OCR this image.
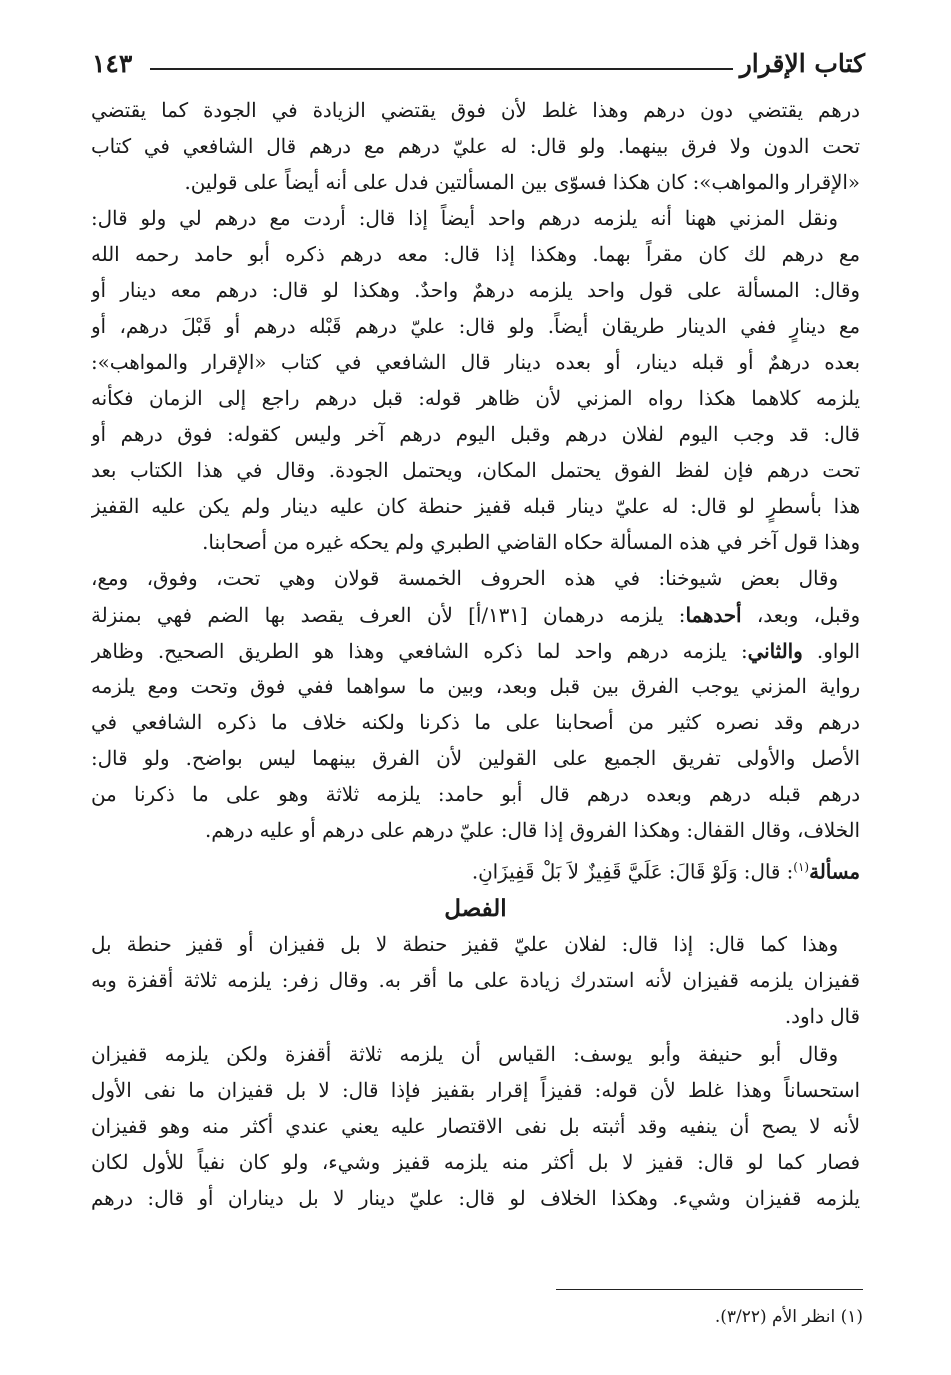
كتاب الإقرار
١٤٣
درهم يقتضي دون درهم وهذا غلط لأن فوق يقتضي الزيادة في الجودة كما يقتضي
تحت الدون ولا فرق بينهما. ولو قال: له عليّ درهم مع درهم قال الشافعي في كتاب
«الإقرار والمواهب»: كان هكذا فسوّى بين المسألتين فدل على أنه أيضاً على قولين.
ونقل المزني ههنا أنه يلزمه درهم واحد أيضاً إذا قال: أردت مع درهم لي ولو قال:
مع درهم لك كان مقراً بهما. وهكذا إذا قال: معه درهم ذكره أبو حامد رحمه الله
وقال: المسألة على قول واحد يلزمه درهمٌ واحدٌ. وهكذا لو قال: درهم معه دينار أو
مع دينارٍ ففي الدينار طريقان أيضاً. ولو قال: عليّ درهم قَبْله درهم أو قَبْلَ درهم، أو
بعده درهمٌ أو قبله دينار، أو بعده دينار قال الشافعي في كتاب «الإقرار والمواهب»:
يلزمه كلاهما هكذا رواه المزني لأن ظاهر قوله: قبل درهم راجع إلى الزمان فكأنه
قال: قد وجب اليوم لفلان درهم وقبل اليوم درهم آخر وليس كقوله: فوق درهم أو
تحت درهم فإن لفظ الفوق يحتمل المكان، ويحتمل الجودة. وقال في هذا الكتاب بعد
هذا بأسطرٍ لو قال: له عليّ دينار قبله قفيز حنطة كان عليه دينار ولم يكن عليه القفيز
وهذا قول آخر في هذه المسألة حكاه القاضي الطبري ولم يحكه غيره من أصحابنا.
وقال بعض شيوخنا: في هذه الحروف الخمسة قولان وهي تحت، وفوق، ومع،
وقبل، وبعد، أحدهما: يلزمه درهمان [١٣١/أ] لأن العرف يقصد بها الضم فهي بمنزلة
الواو. والثاني: يلزمه درهم واحد لما ذكره الشافعي وهذا هو الطريق الصحيح. وظاهر
رواية المزني يوجب الفرق بين قبل وبعد، وبين ما سواهما ففي فوق وتحت ومع يلزمه
درهم وقد نصره كثير من أصحابنا على ما ذكرنا ولكنه خلاف ما ذكره الشافعي في
الأصل والأولى تفريق الجميع على القولين لأن الفرق بينهما ليس بواضح. ولو قال:
درهم قبله درهم وبعده درهم قال أبو حامد: يلزمه ثلاثة وهو على ما ذكرنا من
الخلاف، وقال القفال: وهكذا الفروق إذا قال: عليّ درهم على درهم أو عليه درهم.
مسألة$^{(١)}$: قال: وَلَوْ قَالَ: عَلَيَّ قَفِيزٌ لاَ بَلْ قَفِيزَانِ.
الفصل
وهذا كما قال: إذا قال: لفلان عليّ قفيز حنطة لا بل قفيزان أو قفيز حنطة بل
قفيزان يلزمه قفيزان لأنه استدرك زيادة على ما أقر به. وقال زفر: يلزمه ثلاثة أقفزة وبه
قال داود.
وقال أبو حنيفة وأبو يوسف: القياس أن يلزمه ثلاثة أقفزة ولكن يلزمه قفيزان
استحساناً وهذا غلط لأن قوله: قفيزاً إقرار بقفيز فإذا قال: لا بل قفيزان ما نفى الأول
لأنه لا يصح أن ينفيه وقد أثبته بل نفى الاقتصار عليه يعني عندي أكثر منه وهو قفيزان
فصار كما لو قال: قفيز لا بل أكثر منه يلزمه قفيز وشيء، ولو كان نفياً للأول لكان
يلزمه قفيزان وشيء. وهكذا الخلاف لو قال: عليّ دينار لا بل ديناران أو قال: درهم
(١) انظر الأم (٣/٢٢).
